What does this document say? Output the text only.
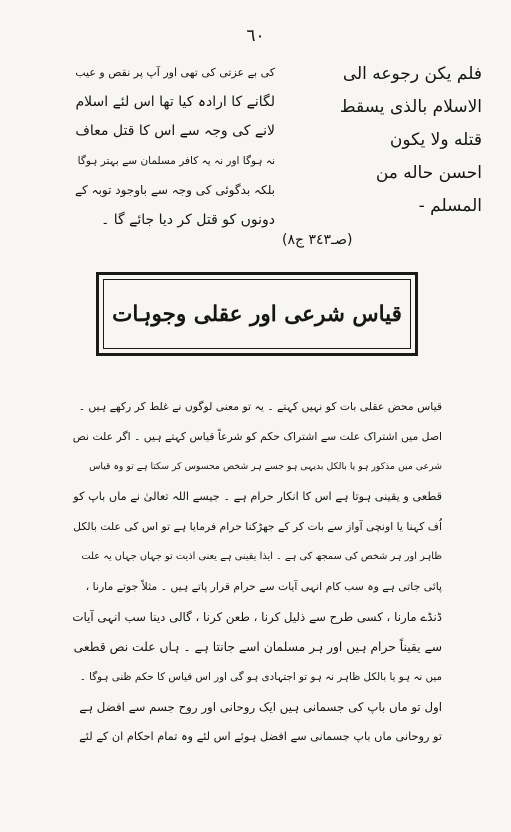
٦٠
فلم يكن رجوعه الى
الاسلام بالذى يسقط
قتله ولا يكون
احسن حاله من
المسلم -
(صـ٣٤٣ ج٨)
کی بے عزتی کی تھی اور آپ پر نقص و عیب
لگانے کا ارادہ کیا تھا اس لئے اسلام
لانے کی وجہ سے اس کا قتل معاف
نہ ہوگا اور نہ یہ کافر مسلمان سے بہتر ہوگا
بلکہ بدگوئی کی وجہ سے باوجود توبہ کے
دونوں کو قتل کر دیا جائے گا ۔
قیاس شرعی اور عقلی وجوہات
قیاس محض عقلی بات کو نہیں کہتے ۔ یہ تو معنی لوگوں نے غلط کر رکھے ہیں ۔
اصل میں اشتراک علت سے اشتراک حکم کو شرعاً قیاس کہتے ہیں ۔ اگر علت نص
شرعی میں مذکور ہو یا بالکل بدیہی ہو جسے ہر شخص محسوس کر سکتا ہے تو وہ قیاس
قطعی و یقینی ہوتا ہے اس کا انکار حرام ہے ۔ جیسے اللہ تعالیٰ نے ماں باپ کو
اُف کہنا یا اونچی آواز سے بات کر کے جھڑکنا حرام فرمایا ہے تو اس کی علت بالکل
ظاہر اور ہر شخص کی سمجھ کی ہے ۔ ایذا یقینی ہے یعنی اذیت تو جہاں جہاں یہ علت
پائی جاتی ہے وہ سب کام انہی آیات سے حرام قرار پاتے ہیں ۔ مثلاً جوتے مارنا ،
ڈنڈے مارنا ، کسی طرح سے ذلیل کرنا ، طعن کرنا ، گالی دینا سب انہی آیات
سے یقیناً حرام ہیں اور ہر مسلمان اسے جانتا ہے ۔ ہاں علت نص قطعی
میں نہ ہو یا بالکل ظاہر نہ ہو تو اجتہادی ہو گی اور اس قیاس کا حکم ظنی ہوگا ۔
اول تو ماں باپ کی جسمانی ہیں ایک روحانی اور روح جسم سے افضل ہے
تو روحانی ماں باپ جسمانی سے افضل ہوئے اس لئے وہ تمام احکام ان کے لئے
